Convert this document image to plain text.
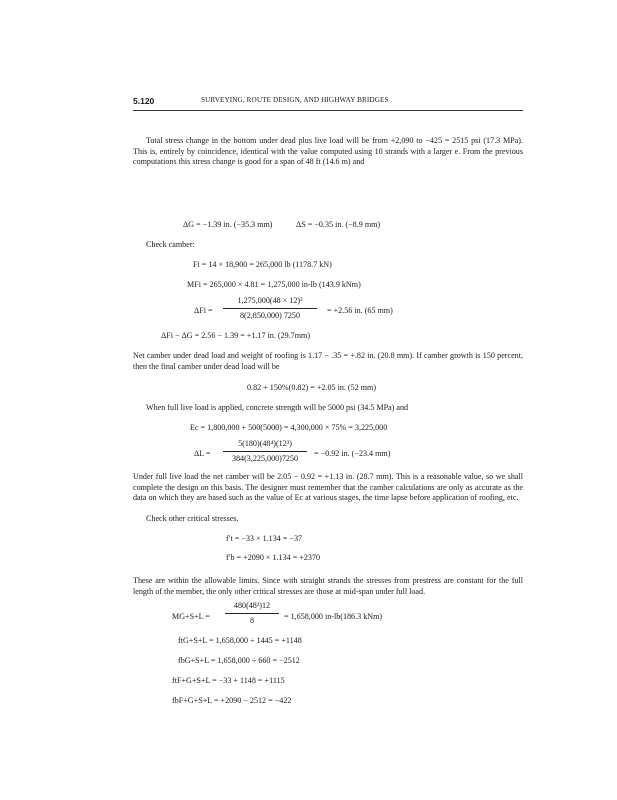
5.120	SURVEYING, ROUTE DESIGN, AND HIGHWAY BRIDGES
Total stress change in the bottom under dead plus live load will be from +2,090 to −425 = 2515 psi (17.3 MPa). This is, entirely by coincidence, identical with the value computed using 10 strands with a larger e. From the previous computations this stress change is good for a span of 48 ft (14.6 m) and
ΔG = −1.39 in. (−35.3 mm)	ΔS = −0.35 in. (−8.9 mm)
Check camber:
Fi = 14 × 18,900 = 265,000 lb (1178.7 kN)
MFi = 265,000 × 4.81 = 1,275,000 in-lb (143.9 kNm)
ΔFi =
1,275,000(48 × 12)²
8(2,850,000) 7250
= +2.56 in. (65 mm)
ΔFi − ΔG = 2.56 − 1.39 = +1.17 in. (29.7mm)
Net camber under dead load and weight of roofing is 1.17 − .35 = +.82 in. (20.8 mm). If camber growth is 150 percent, then the final camber under dead load will be
0.82 + 150%(0.82) = +2.05 in. (52 mm)
When full live load is applied, concrete strength will be 5000 psi (34.5 MPa) and
Ec = 1,800,000 + 500(5000) = 4,300,000 × 75% = 3,225,000
ΔL =
5(180)(48⁴)(12³)
384(3,225,000)7250
= −0.92 in. (−23.4 mm)
Under full live load the net camber will be 2.05 − 0.92 = +1.13 in. (28.7 mm). This is a reasonable value, so we shall complete the design on this basis. The designer must remember that the camber calculations are only as accurate as the data on which they are based such as the value of Ec at various stages, the time lapse before application of roofing, etc.
Check other critical stresses.
f′t = −33 × 1.134 = −37
f′b = +2090 × 1.134 = +2370
These are within the allowable limits. Since with straight strands the stresses from prestress are constant for the full length of the member, the only other critical stresses are those at mid-span under full load.
MG+S+L =
480(48²)12
8	= 1,658,000 in-lb(186.3 kNm)
ftG+S+L = 1,658,000 ÷ 1445 = +1148
fbG+S+L = 1,658,000 ÷ 660 = −2512
ftF+G+S+L = −33 + 1148 = +1115
fbF+G+S+L = +2090 − 2512 = −422
